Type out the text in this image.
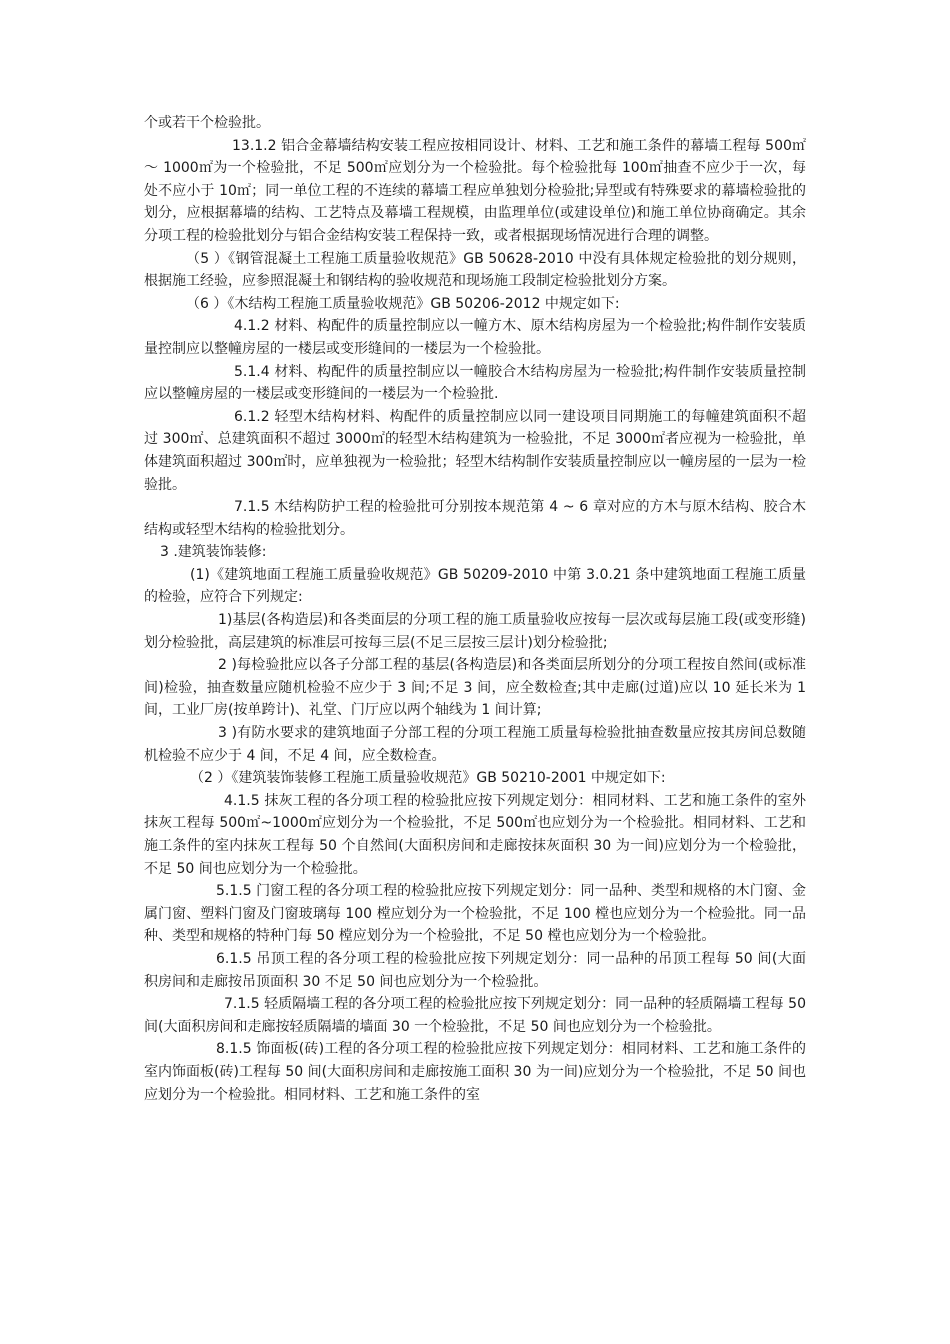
个或若干个检验批。

13.1.2 铝合金幕墙结构安装工程应按相同设计、材料、工艺和施工条件的幕墙工程每 500㎡～ 1000㎡为一个检验批，不足 500㎡应划分为一个检验批。每个检验批每 100㎡抽查不应少于一次，每处不应小于 10㎡；同一单位工程的不连续的幕墙工程应单独划分检验批;异型或有特殊要求的幕墙检验批的划分，应根据幕墙的结构、工艺特点及幕墙工程规模，由监理单位(或建设单位)和施工单位协商确定。其余分项工程的检验批划分与铝合金结构安装工程保持一致，或者根据现场情况进行合理的调整。

（5 ）《钢管混凝土工程施工质量验收规范》GB 50628-2010 中没有具体规定检验批的划分规则，根据施工经验，应参照混凝土和钢结构的验收规范和现场施工段制定检验批划分方案。

（6 ）《木结构工程施工质量验收规范》GB 50206-2012 中规定如下:

4.1.2 材料、构配件的质量控制应以一幢方木、原木结构房屋为一个检验批;构件制作安装质量控制应以整幢房屋的一楼层或变形缝间的一楼层为一个检验批。

5.1.4 材料、构配件的质量控制应以一幢胶合木结构房屋为一检验批;构件制作安装质量控制应以整幢房屋的一楼层或变形缝间的一楼层为一个检验批.

6.1.2 轻型木结构材料、构配件的质量控制应以同一建设项目同期施工的每幢建筑面积不超过 300㎡、总建筑面积不超过 3000㎡的轻型木结构建筑为一检验批，不足 3000㎡者应视为一检验批，单体建筑面积超过 300㎡时，应单独视为一检验批；轻型木结构制作安装质量控制应以一幢房屋的一层为一检验批。

7.1.5 木结构防护工程的检验批可分别按本规范第 4 ~ 6 章对应的方木与原木结构、胶合木结构或轻型木结构的检验批划分。

3 .建筑装饰装修:

(1)《建筑地面工程施工质量验收规范》GB 50209-2010 中第 3.0.21 条中建筑地面工程施工质量的检验，应符合下列规定:

1)基层(各构造层)和各类面层的分项工程的施工质量验收应按每一层次或每层施工段(或变形缝)划分检验批，高层建筑的标准层可按每三层(不足三层按三层计)划分检验批;

2 )每检验批应以各子分部工程的基层(各构造层)和各类面层所划分的分项工程按自然间(或标准间)检验，抽查数量应随机检验不应少于 3 间;不足 3 间，应全数检查;其中走廊(过道)应以 10 延长米为 1 间，工业厂房(按单跨计)、礼堂、门厅应以两个轴线为 1 间计算;

3 )有防水要求的建筑地面子分部工程的分项工程施工质量每检验批抽查数量应按其房间总数随机检验不应少于 4 间，不足 4 间，应全数检查。

（2 ）《建筑装饰装修工程施工质量验收规范》GB 50210-2001 中规定如下:

4.1.5 抹灰工程的各分项工程的检验批应按下列规定划分：相同材料、工艺和施工条件的室外抹灰工程每 500㎡~1000㎡应划分为一个检验批，不足 500㎡也应划分为一个检验批。相同材料、工艺和施工条件的室内抹灰工程每 50 个自然间(大面积房间和走廊按抹灰面积 30 为一间)应划分为一个检验批，不足 50 间也应划分为一个检验批。

5.1.5 门窗工程的各分项工程的检验批应按下列规定划分：同一品种、类型和规格的木门窗、金属门窗、塑料门窗及门窗玻璃每 100 樘应划分为一个检验批，不足 100 樘也应划分为一个检验批。同一品种、类型和规格的特种门每 50 樘应划分为一个检验批，不足 50 樘也应划分为一个检验批。

6.1.5 吊顶工程的各分项工程的检验批应按下列规定划分：同一品种的吊顶工程每 50 间(大面积房间和走廊按吊顶面积 30 不足 50 间也应划分为一个检验批。

7.1.5 轻质隔墙工程的各分项工程的检验批应按下列规定划分：同一品种的轻质隔墙工程每 50 间(大面积房间和走廊按轻质隔墙的墙面 30 一个检验批，不足 50 间也应划分为一个检验批。

8.1.5 饰面板(砖)工程的各分项工程的检验批应按下列规定划分：相同材料、工艺和施工条件的室内饰面板(砖)工程每 50 间(大面积房间和走廊按施工面积 30 为一间)应划分为一个检验批，不足 50 间也应划分为一个检验批。相同材料、工艺和施工条件的室
